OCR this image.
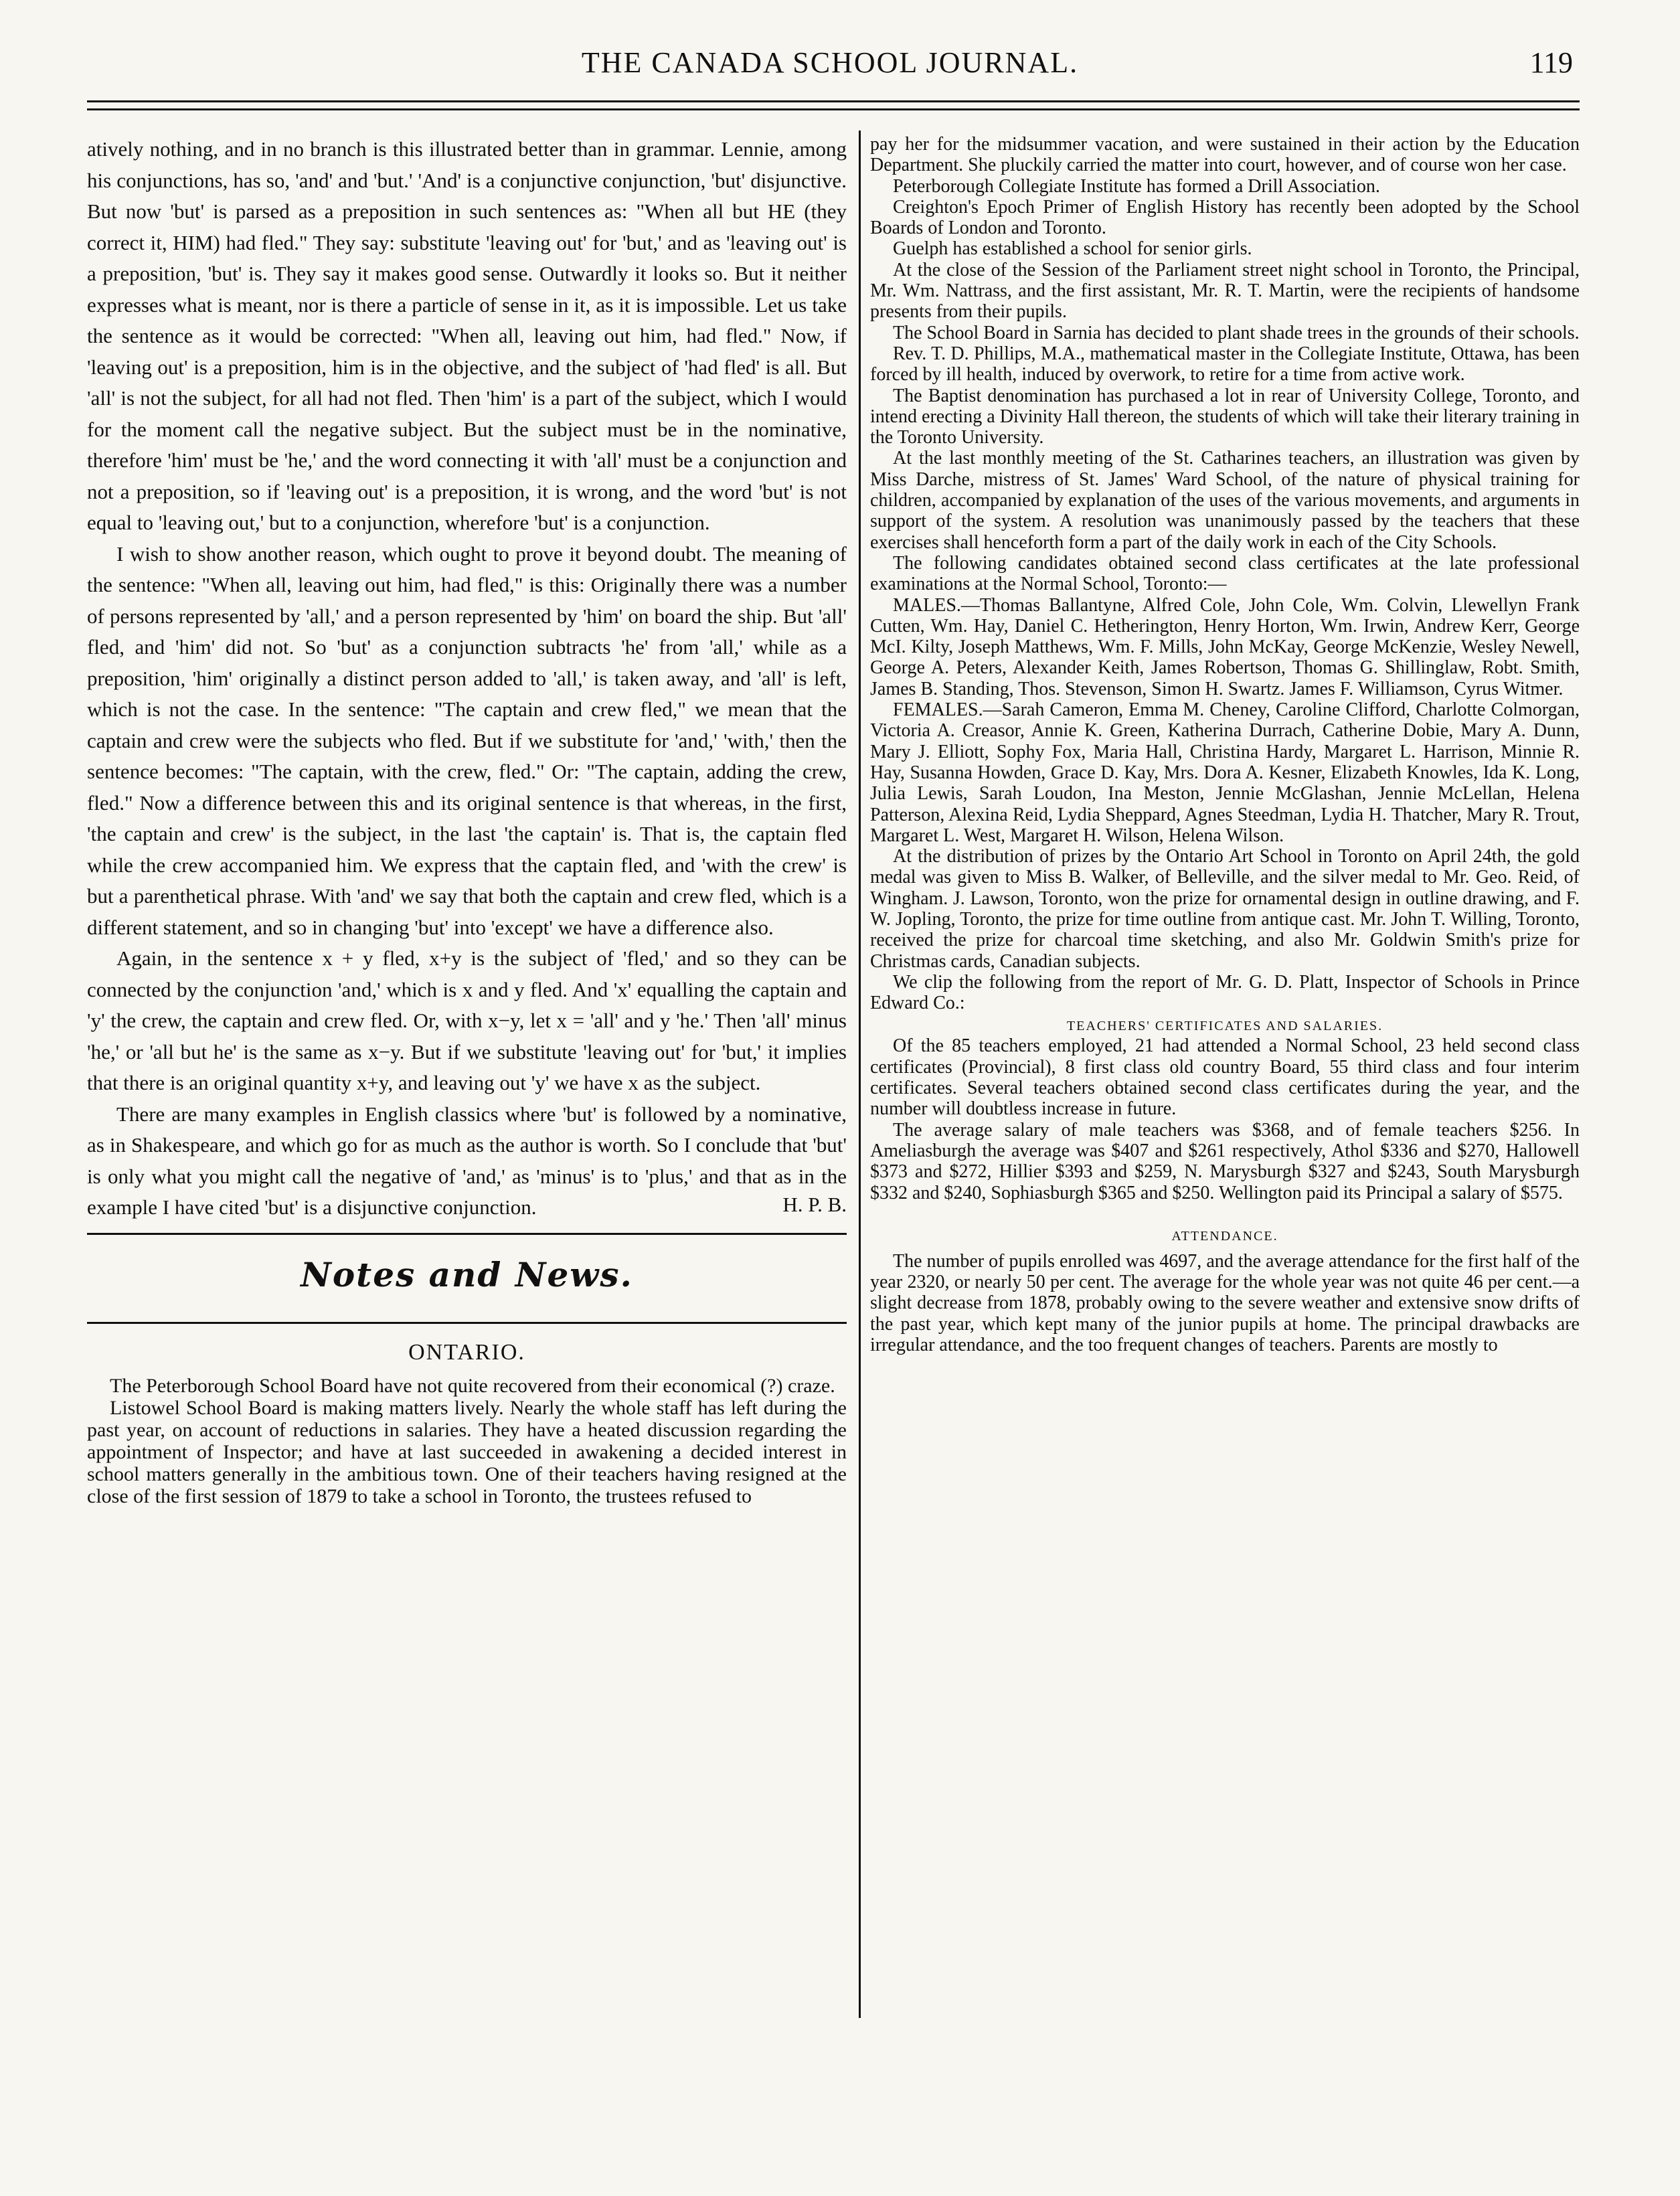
THE CANADA SCHOOL JOURNAL.	119

atively nothing, and in no branch is this illustrated better than in grammar. Lennie, among his conjunctions, has so, 'and' and 'but.' 'And' is a conjunctive conjunction, 'but' disjunctive. But now 'but' is parsed as a preposition in such sentences as: "When all but HE (they correct it, HIM) had fled." They say: substitute 'leaving out' for 'but,' and as 'leaving out' is a preposition, 'but' is. They say it makes good sense. Outwardly it looks so. But it neither expresses what is meant, nor is there a particle of sense in it, as it is impossible. Let us take the sentence as it would be corrected: "When all, leaving out him, had fled." Now, if 'leaving out' is a preposition, him is in the objective, and the subject of 'had fled' is all. But 'all' is not the subject, for all had not fled. Then 'him' is a part of the subject, which I would for the moment call the negative subject. But the subject must be in the nominative, therefore 'him' must be 'he,' and the word connecting it with 'all' must be a conjunction and not a preposition, so if 'leaving out' is a preposition, it is wrong, and the word 'but' is not equal to 'leaving out,' but to a conjunction, wherefore 'but' is a conjunction.

I wish to show another reason, which ought to prove it beyond doubt. The meaning of the sentence: "When all, leaving out him, had fled," is this: Originally there was a number of persons represented by 'all,' and a person represented by 'him' on board the ship. But 'all' fled, and 'him' did not. So 'but' as a conjunction subtracts 'he' from 'all,' while as a preposition, 'him' originally a distinct person added to 'all,' is taken away, and 'all' is left, which is not the case. In the sentence: "The captain and crew fled," we mean that the captain and crew were the subjects who fled. But if we substitute for 'and,' 'with,' then the sentence becomes: "The captain, with the crew, fled." Or: "The captain, adding the crew, fled." Now a difference between this and its original sentence is that whereas, in the first, 'the captain and crew' is the subject, in the last 'the captain' is. That is, the captain fled while the crew accompanied him. We express that the captain fled, and 'with the crew' is but a parenthetical phrase. With 'and' we say that both the captain and crew fled, which is a different statement, and so in changing 'but' into 'except' we have a difference also.

Again, in the sentence x + y fled, x+y is the subject of 'fled,' and so they can be connected by the conjunction 'and,' which is x and y fled. And 'x' equalling the captain and 'y' the crew, the captain and crew fled. Or, with x−y, let x = 'all' and y 'he.' Then 'all' minus 'he,' or 'all but he' is the same as x−y. But if we substitute 'leaving out' for 'but,' it implies that there is an original quantity x+y, and leaving out 'y' we have x as the subject.

There are many examples in English classics where 'but' is followed by a nominative, as in Shakespeare, and which go for as much as the author is worth. So I conclude that 'but' is only what you might call the negative of 'and,' as 'minus' is to 'plus,' and that as in the example I have cited 'but' is a disjunctive conjunction.	H. P. B.
Notes and News.
ONTARIO.

The Peterborough School Board have not quite recovered from their economical (?) craze.

Listowel School Board is making matters lively. Nearly the whole staff has left during the past year, on account of reductions in salaries. They have a heated discussion regarding the appointment of Inspector; and have at last succeeded in awakening a decided interest in school matters generally in the ambitious town. One of their teachers having resigned at the close of the first session of 1879 to take a school in Toronto, the trustees refused to

pay her for the midsummer vacation, and were sustained in their action by the Education Department. She pluckily carried the matter into court, however, and of course won her case.

Peterborough Collegiate Institute has formed a Drill Association.

Creighton's Epoch Primer of English History has recently been adopted by the School Boards of London and Toronto.

Guelph has established a school for senior girls.

At the close of the Session of the Parliament street night school in Toronto, the Principal, Mr. Wm. Nattrass, and the first assistant, Mr. R. T. Martin, were the recipients of handsome presents from their pupils.

The School Board in Sarnia has decided to plant shade trees in the grounds of their schools.

Rev. T. D. Phillips, M.A., mathematical master in the Collegiate Institute, Ottawa, has been forced by ill health, induced by overwork, to retire for a time from active work.

The Baptist denomination has purchased a lot in rear of University College, Toronto, and intend erecting a Divinity Hall thereon, the students of which will take their literary training in the Toronto University.

At the last monthly meeting of the St. Catharines teachers, an illustration was given by Miss Darche, mistress of St. James' Ward School, of the nature of physical training for children, accompanied by explanation of the uses of the various movements, and arguments in support of the system. A resolution was unanimously passed by the teachers that these exercises shall henceforth form a part of the daily work in each of the City Schools.

The following candidates obtained second class certificates at the late professional examinations at the Normal School, Toronto:—

MALES.—Thomas Ballantyne, Alfred Cole, John Cole, Wm. Colvin, Llewellyn Frank Cutten, Wm. Hay, Daniel C. Hetherington, Henry Horton, Wm. Irwin, Andrew Kerr, George McI. Kilty, Joseph Matthews, Wm. F. Mills, John McKay, George McKenzie, Wesley Newell, George A. Peters, Alexander Keith, James Robertson, Thomas G. Shillinglaw, Robt. Smith, James B. Standing, Thos. Stevenson, Simon H. Swartz. James F. Williamson, Cyrus Witmer.

FEMALES.—Sarah Cameron, Emma M. Cheney, Caroline Clifford, Charlotte Colmorgan, Victoria A. Creasor, Annie K. Green, Katherina Durrach, Catherine Dobie, Mary A. Dunn, Mary J. Elliott, Sophy Fox, Maria Hall, Christina Hardy, Margaret L. Harrison, Minnie R. Hay, Susanna Howden, Grace D. Kay, Mrs. Dora A. Kesner, Elizabeth Knowles, Ida K. Long, Julia Lewis, Sarah Loudon, Ina Meston, Jennie McGlashan, Jennie McLellan, Helena Patterson, Alexina Reid, Lydia Sheppard, Agnes Steedman, Lydia H. Thatcher, Mary R. Trout, Margaret L. West, Margaret H. Wilson, Helena Wilson.

At the distribution of prizes by the Ontario Art School in Toronto on April 24th, the gold medal was given to Miss B. Walker, of Belleville, and the silver medal to Mr. Geo. Reid, of Wingham. J. Lawson, Toronto, won the prize for ornamental design in outline drawing, and F. W. Jopling, Toronto, the prize for time outline from antique cast. Mr. John T. Willing, Toronto, received the prize for charcoal time sketching, and also Mr. Goldwin Smith's prize for Christmas cards, Canadian subjects.

We clip the following from the report of Mr. G. D. Platt, Inspector of Schools in Prince Edward Co.:

TEACHERS' CERTIFICATES AND SALARIES.

Of the 85 teachers employed, 21 had attended a Normal School, 23 held second class certificates (Provincial), 8 first class old country Board, 55 third class and four interim certificates. Several teachers obtained second class certificates during the year, and the number will doubtless increase in future.

The average salary of male teachers was $368, and of female teachers $256. In Ameliasburgh the average was $407 and $261 respectively, Athol $336 and $270, Hallowell $373 and $272, Hillier $393 and $259, N. Marysburgh $327 and $243, South Marysburgh $332 and $240, Sophiasburgh $365 and $250. Wellington paid its Principal a salary of $575.

ATTENDANCE.

The number of pupils enrolled was 4697, and the average attendance for the first half of the year 2320, or nearly 50 per cent. The average for the whole year was not quite 46 per cent.—a slight decrease from 1878, probably owing to the severe weather and extensive snow drifts of the past year, which kept many of the junior pupils at home. The principal drawbacks are irregular attendance, and the too frequent changes of teachers. Parents are mostly to
